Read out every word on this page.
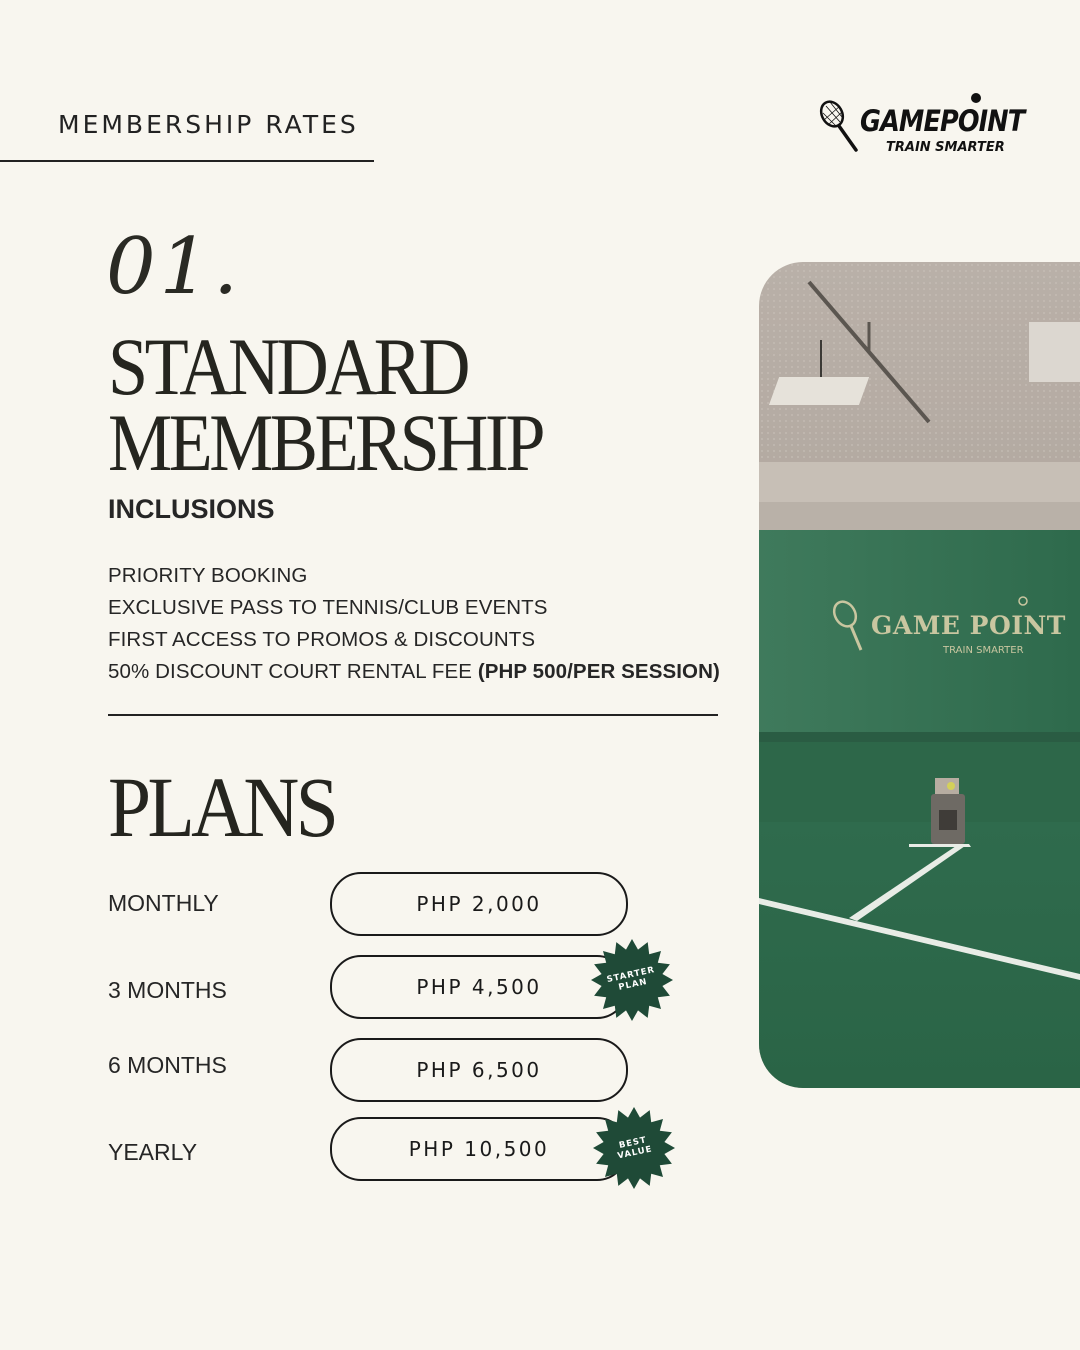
MEMBERSHIP RATES	GAMEPOINT
TRAIN SMARTER
01.
STANDARD
MEMBERSHIP
INCLUSIONS
PRIORITY BOOKING
EXCLUSIVE PASS TO TENNIS/CLUB EVENTS
FIRST ACCESS TO PROMOS & DISCOUNTS
50% DISCOUNT COURT RENTAL FEE (PHP 500/PER SESSION)
PLANS
MONTHLY	PHP 2,000
3 MONTHS	PHP 4,500
6 MONTHS	PHP 6,500
YEARLY	PHP 10,500
STARTER
PLAN
BEST
VALUE
GAME POINT
TRAIN SMARTER
